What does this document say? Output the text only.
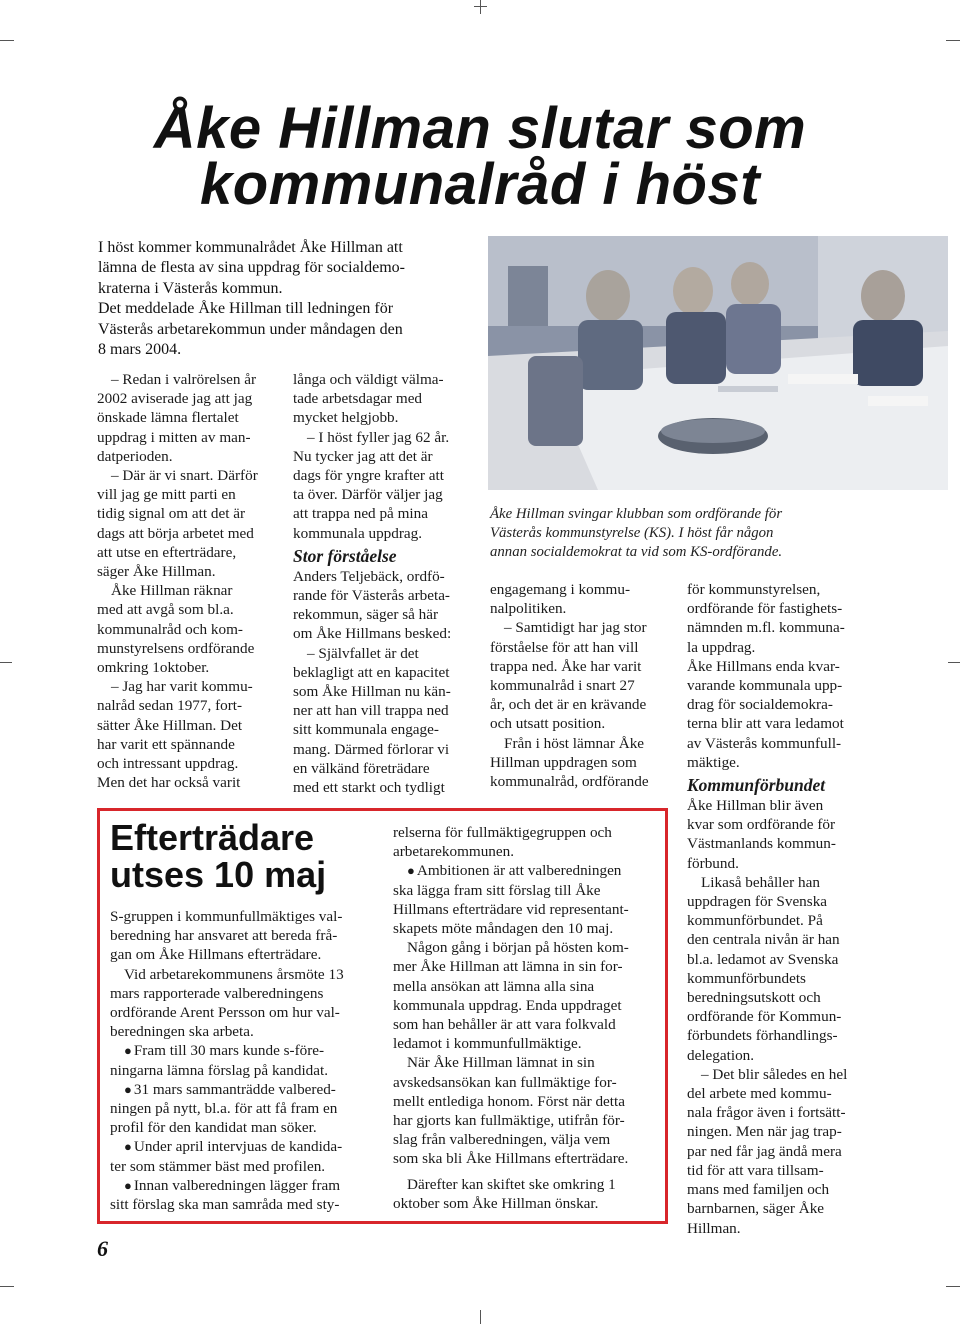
Åke Hillman slutar som
kommunalråd i höst
I höst kommer kommunalrådet Åke Hillman att
lämna de flesta av sina uppdrag för socialdemo-
kraterna i Västerås kommun.
Det meddelade Åke Hillman till ledningen för
Västerås arbetarekommun under måndagen den
8 mars 2004.
Åke Hillman svingar klubban som ordförande för
Västerås kommunstyrelse (KS). I höst får någon
annan socialdemokrat ta vid som KS-ordförande.
– Redan i valrörelsen år
2002 aviserade jag att jag
önskade lämna flertalet
uppdrag i mitten av man-
datperioden.
– Där är vi snart. Därför
vill jag ge mitt parti en
tidig signal om att det är
dags att börja arbetet med
att utse en efterträdare,
säger Åke Hillman.
Åke Hillman räknar
med att avgå som bl.a.
kommunalråd och kom-
munstyrelsens ordförande
omkring 1oktober.
– Jag har varit kommu-
nalråd sedan 1977, fort-
sätter Åke Hillman. Det
har varit ett spännande
och intressant uppdrag.
Men det har också varit
långa och väldigt välma-
tade arbetsdagar med
mycket helgjobb.
– I höst fyller jag 62 år.
Nu tycker jag att det är
dags för yngre krafter att
ta över. Därför väljer jag
att trappa ned på mina
kommunala uppdrag.
Stor förståelse
Anders Teljebäck, ordfö-
rande för Västerås arbeta-
rekommun, säger så här
om Åke Hillmans besked:
– Självfallet är det
beklagligt att en kapacitet
som Åke Hillman nu kän-
ner att han vill trappa ned
sitt kommunala engage-
mang. Därmed förlorar vi
en välkänd företrädare
med ett starkt och tydligt
engagemang i kommu-
nalpolitiken.
– Samtidigt har jag stor
förståelse för att han vill
trappa ned. Åke har varit
kommunalråd i snart 27
år, och det är en krävande
och utsatt position.
Från i höst lämnar Åke
Hillman uppdragen som
kommunalråd, ordförande
för kommunstyrelsen,
ordförande för fastighets-
nämnden m.fl. kommuna-
la uppdrag.
Åke Hillmans enda kvar-
varande kommunala upp-
drag för socialdemokra-
terna blir att vara ledamot
av Västerås kommunfull-
mäktige.
Kommunförbundet
Åke Hillman blir även
kvar som ordförande för
Västmanlands kommun-
förbund.
Likaså behåller han
uppdragen för Svenska
kommunförbundet. På
den centrala nivån är han
bl.a. ledamot av Svenska
kommunförbundets
beredningsutskott och
ordförande för Kommun-
förbundets förhandlings-
delegation.
– Det blir således en hel
del arbete med kommu-
nala frågor även i fortsätt-
ningen. Men när jag trap-
par ned får jag ändå mera
tid för att vara tillsam-
mans med familjen och
barnbarnen, säger Åke
Hillman.
Efterträdare
utses 10 maj
S-gruppen i kommunfullmäktiges val-
beredning har ansvaret att bereda frå-
gan om Åke Hillmans efterträdare.
Vid arbetarekommunens årsmöte 13
mars rapporterade valberedningens
ordförande Arent Persson om hur val-
beredningen ska arbeta.
● Fram till 30 mars kunde s-före-
ningarna lämna förslag på kandidat.
● 31 mars sammanträdde valbered-
ningen på nytt, bl.a. för att få fram en
profil för den kandidat man söker.
● Under april intervjuas de kandida-
ter som stämmer bäst med profilen.
● Innan valberedningen lägger fram
sitt förslag ska man samråda med sty-
relserna för fullmäktigegruppen och
arbetarekommunen.
● Ambitionen är att valberedningen
ska lägga fram sitt förslag till Åke
Hillmans efterträdare vid representant-
skapets möte måndagen den 10 maj.
Någon gång i början på hösten kom-
mer Åke Hillman att lämna in sin for-
mella ansökan att lämna alla sina
kommunala uppdrag. Enda uppdraget
som han behåller är att vara folkvald
ledamot i kommunfullmäktige.
När Åke Hillman lämnat in sin
avskedsansökan kan fullmäktige for-
mellt entlediga honom. Först när detta
har gjorts kan fullmäktige, utifrån för-
slag från valberedningen, välja vem
som ska bli Åke Hillmans efterträdare.
Därefter kan skiftet ske omkring 1
oktober som Åke Hillman önskar.
6
